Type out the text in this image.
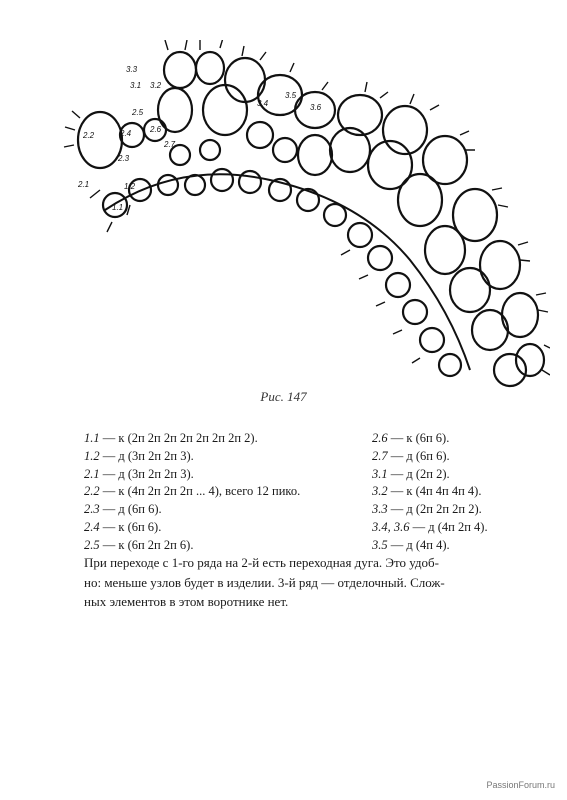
3.3
3.1 3.2
2.5
2.2	2.4 2.6
2.7
2.3
2.1	1.2
1.1
3.4
3.5
3.6
Рис. 147
1.1 — к (2п 2п 2п 2п 2п 2п 2п 2).
1.2 — д (3п 2п 2п 3).
2.1 — д (3п 2п 2п 3).
2.2 — к (4п 2п 2п 2п ... 4), всего 12 пико.
2.3 — д (6п 6).
2.4 — к (6п 6).
2.5 — к (6п 2п 2п 6).
2.6 — к (6п 6).
2.7 — д (6п 6).
3.1 — д (2п 2).
3.2 — к (4п 4п 4п 4).
3.3 — д (2п 2п 2п 2).
3.4, 3.6 — д (4п 2п 4).
3.5 — д (4п 4).
При переходе с 1-го ряда на 2-й есть переходная дуга. Это удоб-
но: меньше узлов будет в изделии. 3-й ряд — отделочный. Слож-
ных элементов в этом воротнике нет.
PassionForum.ru
